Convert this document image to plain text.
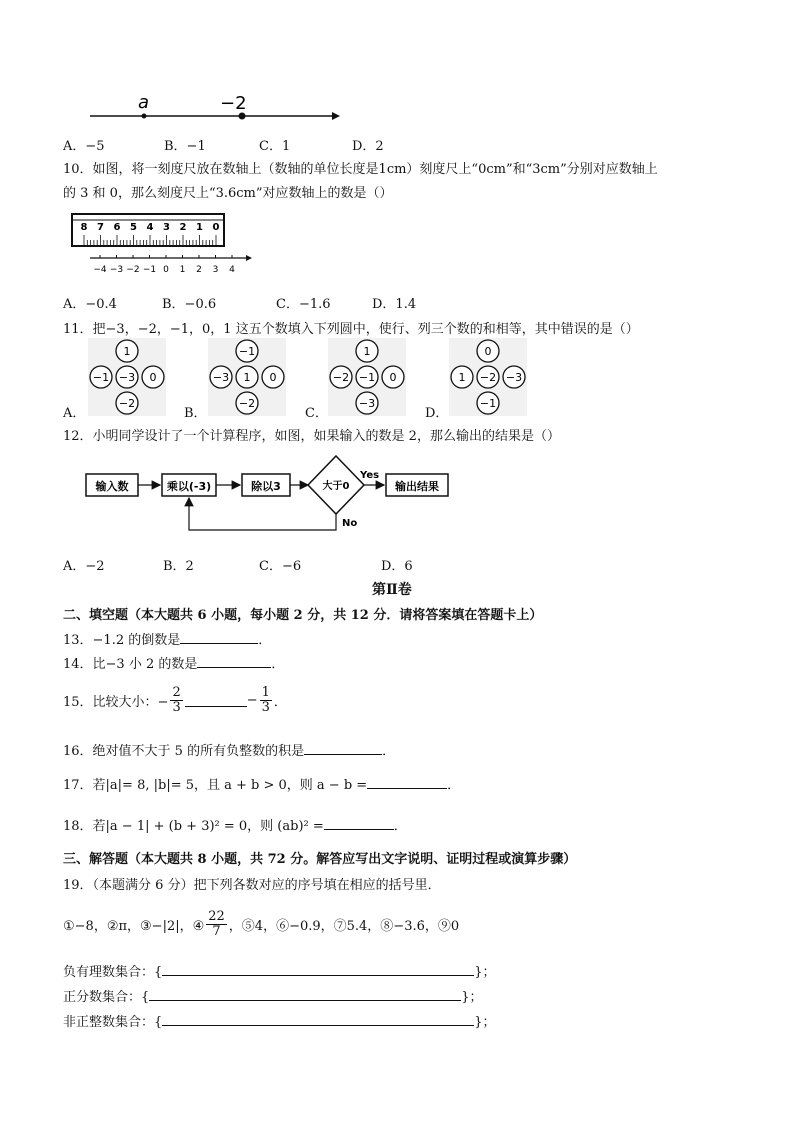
a	−2
A．−5	B．−1	C．1	D．2
10．如图，将一刻度尺放在数轴上（数轴的单位长度是1cm）刻度尺上“0cm”和“3cm”分别对应数轴上
的 3 和 0，那么刻度尺上“3.6cm”对应数轴上的数是（）
8 7 6 5 4 3 2 1 0
−4 −3 −2 −1 0 1 2 3 4
A．−0.4	B．−0.6	C．−1.6	D．1.4
11．把−3，−2，−1，0，1 这五个数填入下列圆中，使行、列三个数的和相等，其中错误的是（）
A．
1
−1 −3 0
−2
B．
−1
−3 1 0
−2
C．
1
−2 −1 0
−3
D．
0
1 −2 −3
−1
12．小明同学设计了一个计算程序，如图，如果输入的数是 2，那么输出的结果是（）
输入数	乘以(-3)	除以3	大于0
Yes
输出结果
No
A．−2	B．2	C．−6	D．6
第Ⅱ卷
二、填空题（本大题共 6 小题，每小题 2 分，共 12 分．请将答案填在答题卡上）
13．−1.2 的倒数是	．
14．比−3 小 2 的数是	．
15．比较大小：− $\frac{2}{3}$	− $\frac{1}{3}$ ．
16．绝对值不大于 5 的所有负整数的积是	．
17．若|a|= 8, |b|= 5，且 a + b > 0，则 a − b =	．
18．若|a − 1| + (b + 3)² = 0，则 (ab)² =	．
三、解答题（本大题共 8 小题，共 72 分。解答应写出文字说明、证明过程或演算步骤）
19．（本题满分 6 分）把下列各数对应的序号填在相应的括号里．
①−8，②π，③−|2|，④ $\frac{22}{7}$ ，⑤4，⑥−0.9，⑦5.4，⑧−3.6̇，⑨0
负有理数集合：{	}；
正分数集合：{	}；
非正整数集合：{	}；
